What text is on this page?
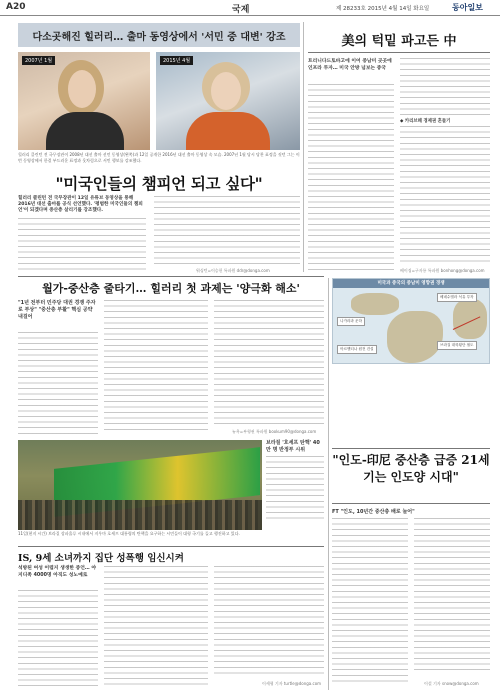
A20	국제	제 28233호 2015년 4월 14일 화요일	동아일보
다소곳해진 힐러리… 출마 동영상에서 '서민 중 대변' 강조
2007년 1월	2015년 4월
힐러리 클린턴 전 국무장관이 2008년 대선 출마 선언 동영상(왼쪽)과 12일 공개한 2016년 대선 출마 동영상 속 모습. 2007년 1월 당시 당찬 표정을 짓던 그는 이번 동영상에서 한결 부드러운 표정과 옷차림으로 서민 행보를 강조했다.
"미국인들의 챔피언 되고 싶다"
힐러리 클린턴 전 국무장관이 12일 유튜브 동영상을 통해 2016년 대선 출마를 공식 선언했다. '평범한 미국인들의 챔피언'이 되겠다며 중산층 살리기를 강조했다.
워싱턴=이승헌 특파원 ddr@donga.com
美의 턱밑 파고든 中
트리니다드토바고에 이어 중남미 곳곳에 인프라 투자… 미국 안방 넘보는 중국
◆ 카리브해 경제권 흔들기
베이징=구자룡 특파원 bonhong@donga.com
월가-중산층 줄타기… 힐러리 첫 과제는 '양극화 해소'
"1년 전부터 민주당 대권 경쟁 주자로 부상" "중산층 부활" 핵심 공약 내걸어
뉴욕=부형권 특파원 bookum90@donga.com
미국과 중국의 중남미 영향권 경쟁
니카라과 운하
베네수엘라 석유 투자
아르헨티나 원전 건설
브라질 대륙횡단 철도
11일(현지 시간) 브라질 상파울루 시내에서 지우마 호세프 대통령의 탄핵을 요구하는 시민들이 대형 국기를 들고 행진하고 있다.
브라질 '호세프 탄핵' 40만 명 반정부 시위
IS, 9세 소녀까지 집단 성폭행 임신시켜
석방된 여성 어렵지 생생한 증언… 야지디족 4000명 아직도 성노예로
이세형 기자 turtle@donga.com
"인도-印尼 중산층 급증 21세기는 인도양 시대"
FT "인도, 10년간 중산층 배로 늘어"
이설 기자 snow@donga.com
